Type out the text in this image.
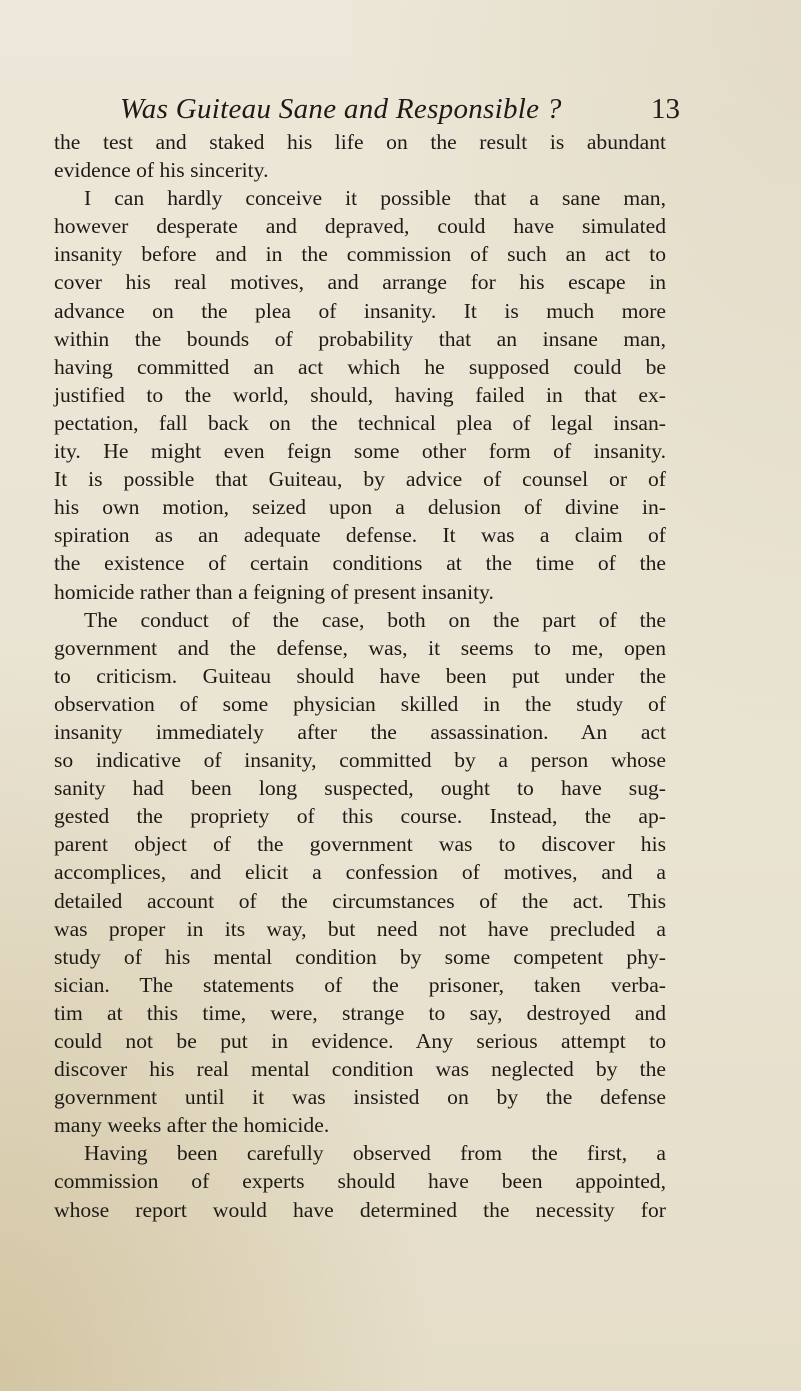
Was Guiteau Sane and Responsible ?	13
the test and staked his life on the result is abundant
evidence of his sincerity.
I can hardly conceive it possible that a sane man,
however desperate and depraved, could have simulated
insanity before and in the commission of such an act to
cover his real motives, and arrange for his escape in
advance on the plea of insanity. It is much more
within the bounds of probability that an insane man,
having committed an act which he supposed could be
justified to the world, should, having failed in that ex-
pectation, fall back on the technical plea of legal insan-
ity. He might even feign some other form of insanity.
It is possible that Guiteau, by advice of counsel or of
his own motion, seized upon a delusion of divine in-
spiration as an adequate defense. It was a claim of
the existence of certain conditions at the time of the
homicide rather than a feigning of present insanity.
The conduct of the case, both on the part of the
government and the defense, was, it seems to me, open
to criticism. Guiteau should have been put under the
observation of some physician skilled in the study of
insanity immediately after the assassination. An act
so indicative of insanity, committed by a person whose
sanity had been long suspected, ought to have sug-
gested the propriety of this course. Instead, the ap-
parent object of the government was to discover his
accomplices, and elicit a confession of motives, and a
detailed account of the circumstances of the act. This
was proper in its way, but need not have precluded a
study of his mental condition by some competent phy-
sician. The statements of the prisoner, taken verba-
tim at this time, were, strange to say, destroyed and
could not be put in evidence. Any serious attempt to
discover his real mental condition was neglected by the
government until it was insisted on by the defense
many weeks after the homicide.
Having been carefully observed from the first, a
commission of experts should have been appointed,
whose report would have determined the necessity for
